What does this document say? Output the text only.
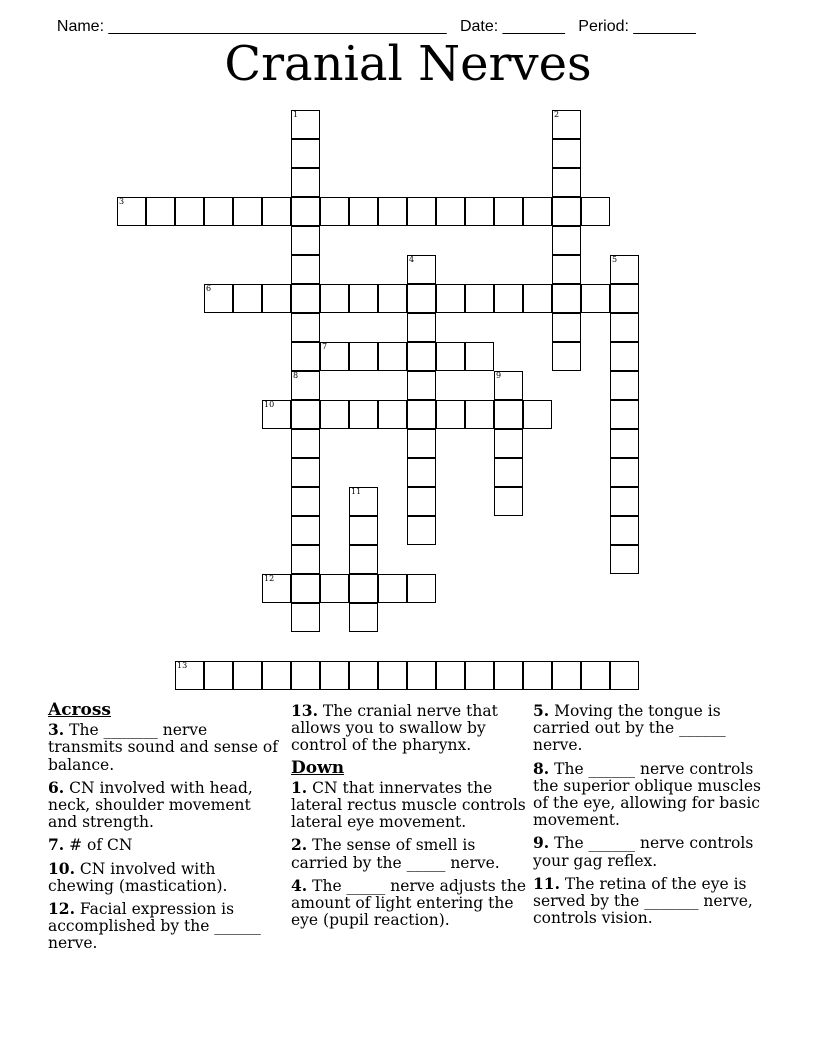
Name: ______________________________________ Date: _______ Period: _______

Cranial Nerves
1	2
3
4	5
6
7
8	9
10
11
12
13
Across
3. The _______ nerve transmits sound and sense of balance.
6. CN involved with head, neck, shoulder movement and strength.
7. # of CN
10. CN involved with chewing (mastication).
12. Facial expression is accomplished by the ______ nerve.
13. The cranial nerve that allows you to swallow by control of the pharynx.
Down
1. CN that innervates the lateral rectus muscle controls lateral eye movement.
2. The sense of smell is carried by the _____ nerve.
4. The _____ nerve adjusts the amount of light entering the eye (pupil reaction).
5. Moving the tongue is carried out by the ______ nerve.
8. The ______ nerve controls the superior oblique muscles of the eye, allowing for basic movement.
9. The ______ nerve controls your gag reflex.
11. The retina of the eye is served by the _______ nerve, controls vision.
